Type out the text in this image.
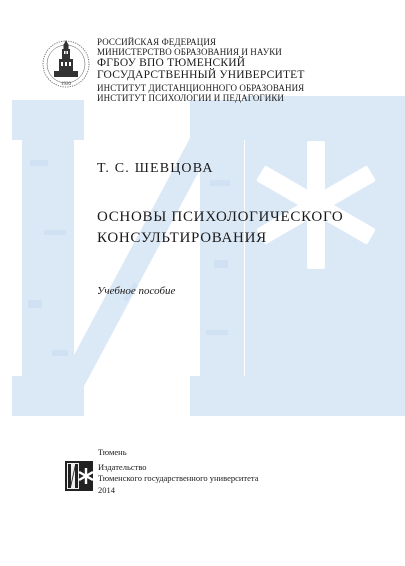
1930
РОССИЙСКАЯ ФЕДЕРАЦИЯ
МИНИСТЕРСТВО ОБРАЗОВАНИЯ И НАУКИ
ФГБОУ ВПО ТЮМЕНСКИЙ
ГОСУДАРСТВЕННЫЙ УНИВЕРСИТЕТ
ИНСТИТУТ ДИСТАНЦИОННОГО ОБРАЗОВАНИЯ
ИНСТИТУТ ПСИХОЛОГИИ И ПЕДАГОГИКИ
Т. С. ШЕВЦОВА
ОСНОВЫ ПСИХОЛОГИЧЕСКОГО
КОНСУЛЬТИРОВАНИЯ
Учебное пособие
Тюмень
Издательство
Тюменского государственного университета
2014
